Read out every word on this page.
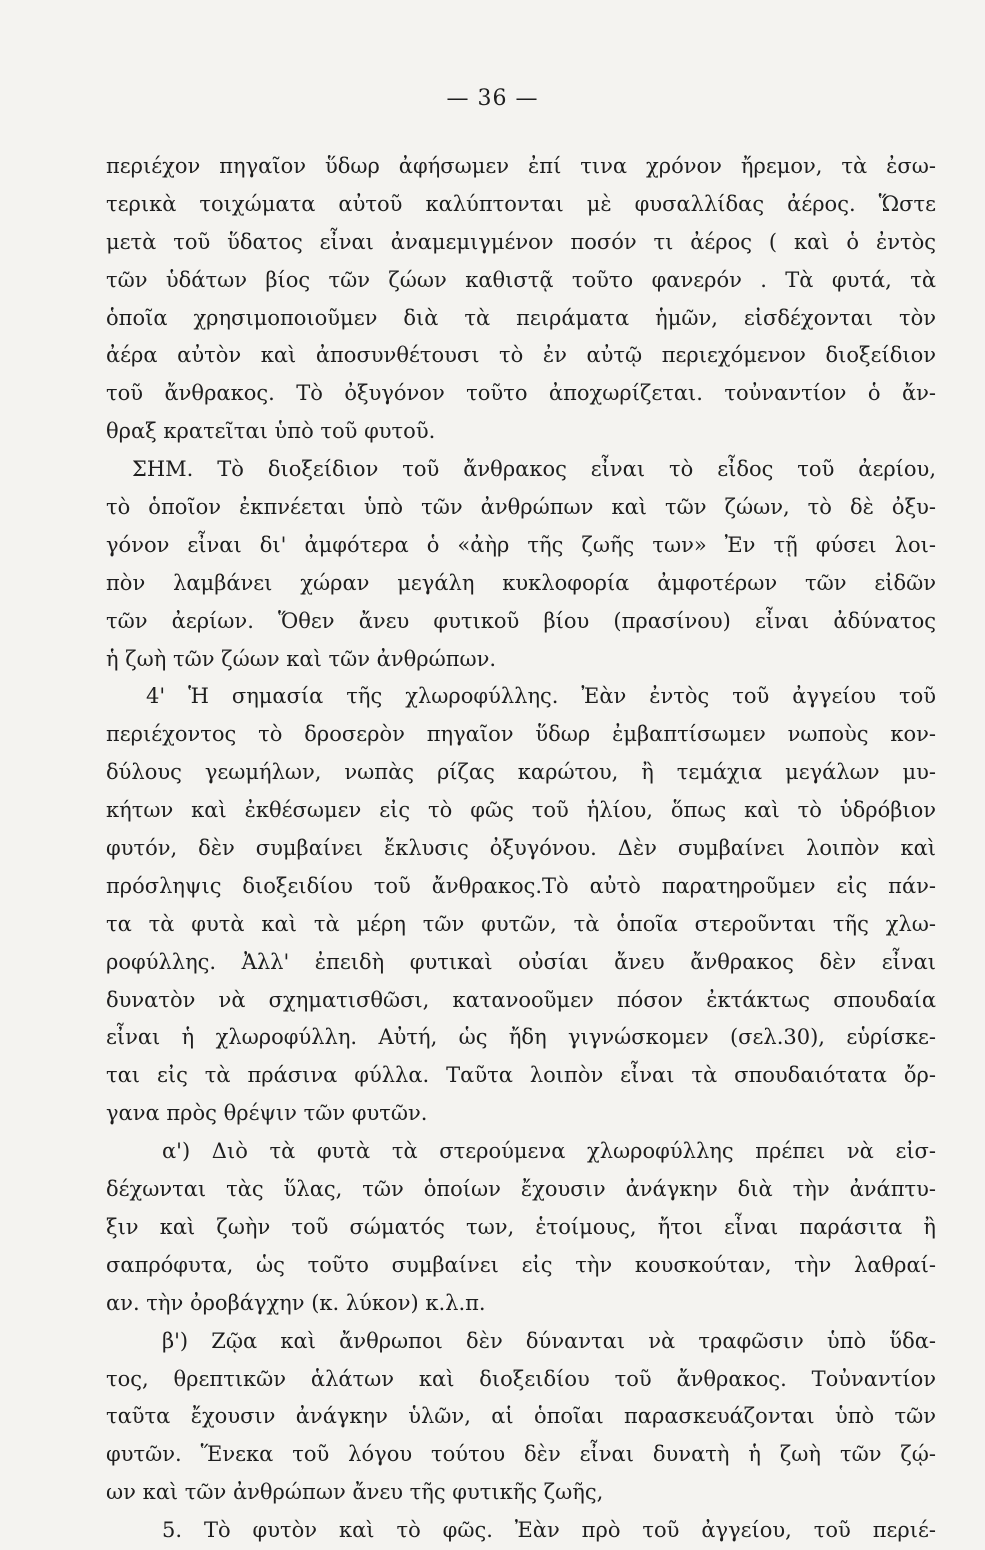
— 36 —
περιέχον πηγαῖον ὕδωρ ἀφήσωμεν ἐπί τινα χρόνον ἤρεμον, τὰ ἐσω-
τερικὰ τοιχώματα αὐτοῦ καλύπτονται μὲ φυσαλλίδας ἀέρος. Ὥστε
μετὰ τοῦ ὕδατος εἶναι ἀναμεμιγμένον ποσόν τι ἀέρος ( καὶ ὁ ἐντὸς
τῶν ὑδάτων βίος τῶν ζώων καθιστᾷ τοῦτο φανερόν . Τὰ φυτά, τὰ
ὁποῖα χρησιμοποιοῦμεν διὰ τὰ πειράματα ἡμῶν, εἰσδέχονται τὸν
ἀέρα αὐτὸν καὶ ἀποσυνθέτουσι τὸ ἐν αὐτῷ περιεχόμενον διοξείδιον
τοῦ ἄνθρακος. Τὸ ὀξυγόνον τοῦτο ἀποχωρίζεται. τοὐναντίον ὁ ἄν-
θραξ κρατεῖται ὑπὸ τοῦ φυτοῦ.
ΣΗΜ. Τὸ διοξείδιον τοῦ ἄνθρακος εἶναι τὸ εἶδος τοῦ ἀερίου,
τὸ ὁποῖον ἐκπνέεται ὑπὸ τῶν ἀνθρώπων καὶ τῶν ζώων, τὸ δὲ ὀξυ-
γόνον εἶναι δι' ἀμφότερα ὁ «ἀὴρ τῆς ζωῆς των» Ἐν τῇ φύσει λοι-
πὸν λαμβάνει χώραν μεγάλη κυκλοφορία ἀμφοτέρων τῶν εἰδῶν
τῶν ἀερίων. Ὅθεν ἄνευ φυτικοῦ βίου (πρασίνου) εἶναι ἀδύνατος
ἡ ζωὴ τῶν ζώων καὶ τῶν ἀνθρώπων.
4' Ἡ σημασία τῆς χλωροφύλλης. Ἐὰν ἐντὸς τοῦ ἀγγείου τοῦ
περιέχοντος τὸ δροσερὸν πηγαῖον ὕδωρ ἐμβαπτίσωμεν νωποὺς κον-
δύλους γεωμήλων, νωπὰς ρίζας καρώτου, ἢ τεμάχια μεγάλων μυ-
κήτων καὶ ἐκθέσωμεν εἰς τὸ φῶς τοῦ ἡλίου, ὅπως καὶ τὸ ὑδρόβιον
φυτόν, δὲν συμβαίνει ἔκλυσις ὀξυγόνου. Δὲν συμβαίνει λοιπὸν καὶ
πρόσληψις διοξειδίου τοῦ ἄνθρακος.Τὸ αὐτὸ παρατηροῦμεν εἰς πάν-
τα τὰ φυτὰ καὶ τὰ μέρη τῶν φυτῶν, τὰ ὁποῖα στεροῦνται τῆς χλω-
ροφύλλης. Ἀλλ' ἐπειδὴ φυτικαὶ οὐσίαι ἄνευ ἄνθρακος δὲν εἶναι
δυνατὸν νὰ σχηματισθῶσι, κατανοοῦμεν πόσον ἐκτάκτως σπουδαία
εἶναι ἡ χλωροφύλλη. Αὐτή, ὡς ἤδη γιγνώσκομεν (σελ.30), εὑρίσκε-
ται εἰς τὰ πράσινα φύλλα. Ταῦτα λοιπὸν εἶναι τὰ σπουδαιότατα ὄρ-
γανα πρὸς θρέψιν τῶν φυτῶν.
α') Διὸ τὰ φυτὰ τὰ στερούμενα χλωροφύλλης πρέπει νὰ εἰσ-
δέχωνται τὰς ὕλας, τῶν ὁποίων ἔχουσιν ἀνάγκην διὰ τὴν ἀνάπτυ-
ξιν καὶ ζωὴν τοῦ σώματός των, ἑτοίμους, ἤτοι εἶναι παράσιτα ἢ
σαπρόφυτα, ὡς τοῦτο συμβαίνει εἰς τὴν κουσκούταν, τὴν λαθραί-
αν. τὴν ὀροβάγχην (κ. λύκον) κ.λ.π.
β') Ζῷα καὶ ἄνθρωποι δὲν δύνανται νὰ τραφῶσιν ὑπὸ ὕδα-
τος, θρεπτικῶν ἁλάτων καὶ διοξειδίου τοῦ ἄνθρακος. Τοὐναντίον
ταῦτα ἔχουσιν ἀνάγκην ὑλῶν, αἱ ὁποῖαι παρασκευάζονται ὑπὸ τῶν
φυτῶν. Ἕνεκα τοῦ λόγου τούτου δὲν εἶναι δυνατὴ ἡ ζωὴ τῶν ζῴ-
ων καὶ τῶν ἀνθρώπων ἄνευ τῆς φυτικῆς ζωῆς,
5. Τὸ φυτὸν καὶ τὸ φῶς. Ἐὰν πρὸ τοῦ ἀγγείου, τοῦ περιέ-
